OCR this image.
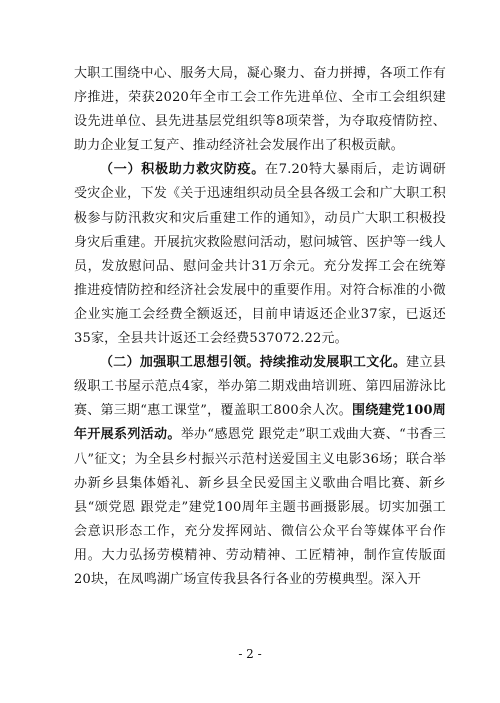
大职工围绕中心、服务大局，凝心聚力、奋力拼搏，各项工作有序推进，荣获2020年全市工会工作先进单位、全市工会组织建设先进单位、县先进基层党组织等8项荣誉，为夺取疫情防控、助力企业复工复产、推动经济社会发展作出了积极贡献。

（一）积极助力救灾防疫。在7.20特大暴雨后，走访调研受灾企业，下发《关于迅速组织动员全县各级工会和广大职工积极参与防汛救灾和灾后重建工作的通知》，动员广大职工积极投身灾后重建。开展抗灾救险慰问活动，慰问城管、医护等一线人员，发放慰问品、慰问金共计31万余元。充分发挥工会在统筹推进疫情防控和经济社会发展中的重要作用。对符合标准的小微企业实施工会经费全额返还，目前申请返还企业37家，已返还35家，全县共计返还工会经费537072.22元。

（二）加强职工思想引领。持续推动发展职工文化。建立县级职工书屋示范点4家，举办第二期戏曲培训班、第四届游泳比赛、第三期“惠工课堂”，覆盖职工800余人次。围绕建党100周年开展系列活动。举办“感恩党 跟党走”职工戏曲大赛、“书香三八”征文；为全县乡村振兴示范村送爱国主义电影36场；联合举办新乡县集体婚礼、新乡县全民爱国主义歌曲合唱比赛、新乡县“颂党恩 跟党走”建党100周年主题书画摄影展。切实加强工会意识形态工作，充分发挥网站、微信公众平台等媒体平台作用。大力弘扬劳模精神、劳动精神、工匠精神，制作宣传版面20块，在凤鸣湖广场宣传我县各行各业的劳模典型。深入开

- 2 -
